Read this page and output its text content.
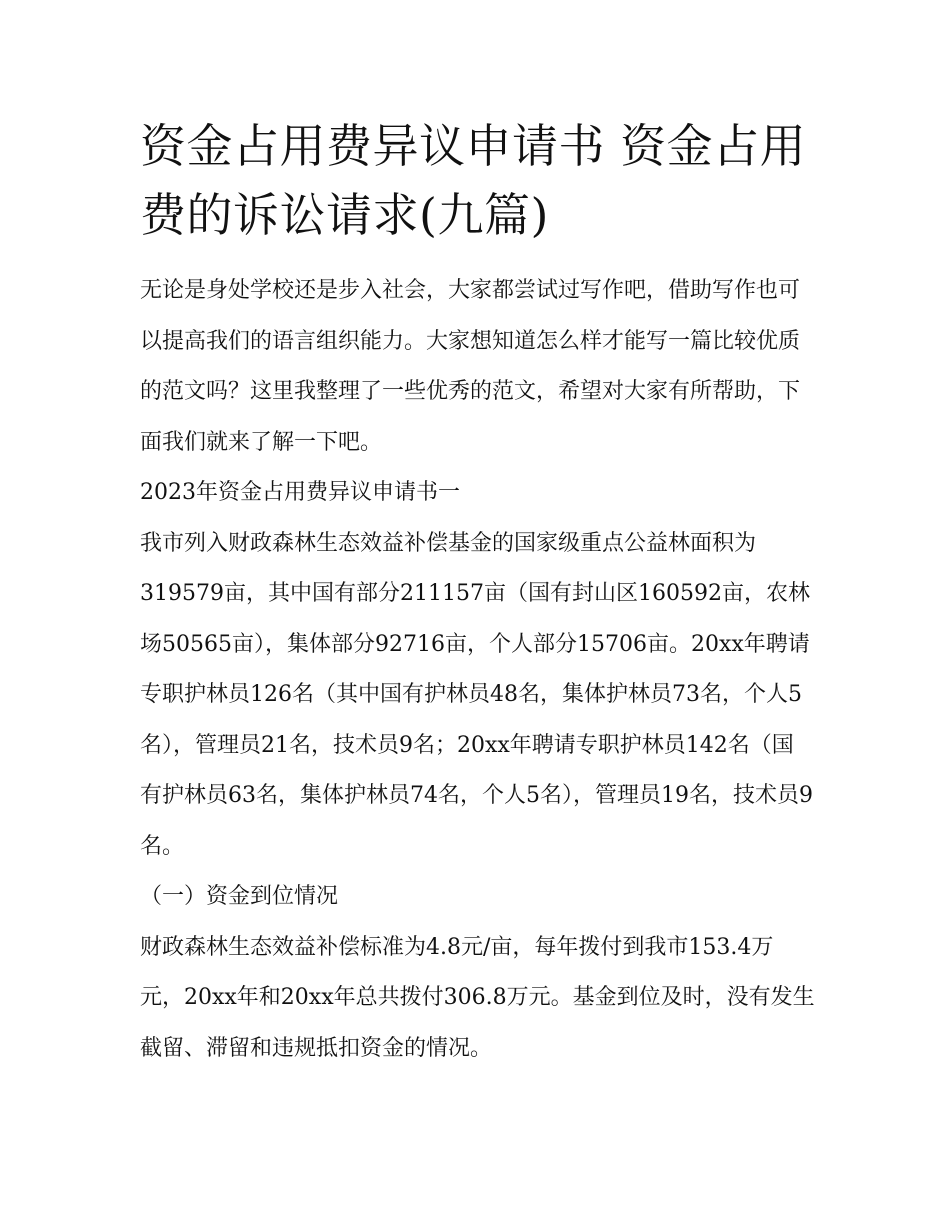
资金占用费异议申请书 资金占用费的诉讼请求(九篇)

无论是身处学校还是步入社会，大家都尝试过写作吧，借助写作也可以提高我们的语言组织能力。大家想知道怎么样才能写一篇比较优质的范文吗？这里我整理了一些优秀的范文，希望对大家有所帮助，下面我们就来了解一下吧。

2023年资金占用费异议申请书一

我市列入财政森林生态效益补偿基金的国家级重点公益林面积为319579亩，其中国有部分211157亩（国有封山区160592亩，农林场50565亩），集体部分92716亩，个人部分15706亩。20xx年聘请专职护林员126名（其中国有护林员48名，集体护林员73名，个人5名），管理员21名，技术员9名；20xx年聘请专职护林员142名（国有护林员63名，集体护林员74名，个人5名），管理员19名，技术员9名。

（一）资金到位情况

财政森林生态效益补偿标准为4.8元/亩，每年拨付到我市153.4万元，20xx年和20xx年总共拨付306.8万元。基金到位及时，没有发生截留、滞留和违规抵扣资金的情况。
